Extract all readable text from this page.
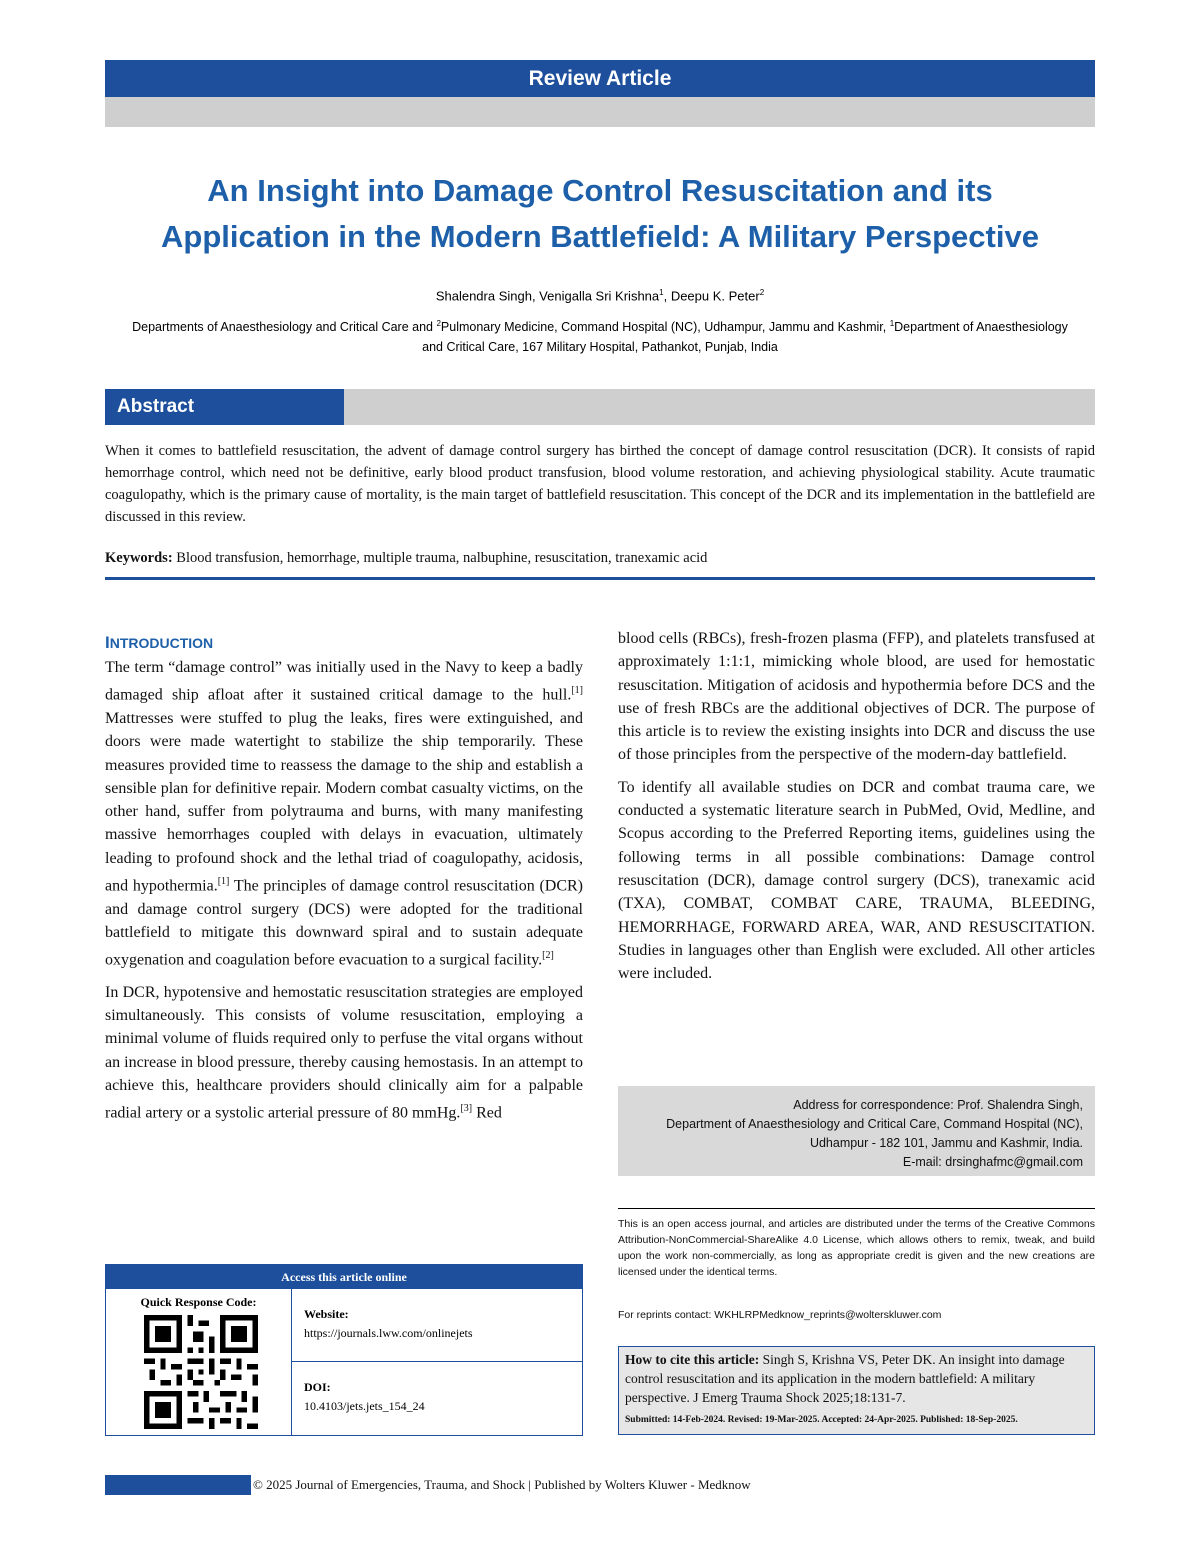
Review Article
An Insight into Damage Control Resuscitation and its
Application in the Modern Battlefield: A Military Perspective
Shalendra Singh, Venigalla Sri Krishna$^1$, Deepu K. Peter$^2$
Departments of Anaesthesiology and Critical Care and $^2$Pulmonary Medicine, Command Hospital (NC), Udhampur, Jammu and Kashmir, $^1$Department of Anaesthesiology and Critical Care, 167 Military Hospital, Pathankot, Punjab, India
Abstract
When it comes to battlefield resuscitation, the advent of damage control surgery has birthed the concept of damage control resuscitation (DCR). It consists of rapid hemorrhage control, which need not be definitive, early blood product transfusion, blood volume restoration, and achieving physiological stability. Acute traumatic coagulopathy, which is the primary cause of mortality, is the main target of battlefield resuscitation. This concept of the DCR and its implementation in the battlefield are discussed in this review.
Keywords: Blood transfusion, hemorrhage, multiple trauma, nalbuphine, resuscitation, tranexamic acid
INTRODUCTION

The term “damage control” was initially used in the Navy to keep a badly damaged ship afloat after it sustained critical damage to the hull.[1] Mattresses were stuffed to plug the leaks, fires were extinguished, and doors were made watertight to stabilize the ship temporarily. These measures provided time to reassess the damage to the ship and establish a sensible plan for definitive repair. Modern combat casualty victims, on the other hand, suffer from polytrauma and burns, with many manifesting massive hemorrhages coupled with delays in evacuation, ultimately leading to profound shock and the lethal triad of coagulopathy, acidosis, and hypothermia.[1] The principles of damage control resuscitation (DCR) and damage control surgery (DCS) were adopted for the traditional battlefield to mitigate this downward spiral and to sustain adequate oxygenation and coagulation before evacuation to a surgical facility.[2]

In DCR, hypotensive and hemostatic resuscitation strategies are employed simultaneously. This consists of volume resuscitation, employing a minimal volume of fluids required only to perfuse the vital organs without an increase in blood pressure, thereby causing hemostasis. In an attempt to achieve this, healthcare providers should clinically aim for a palpable radial artery or a systolic arterial pressure of 80 mmHg.[3] Red

blood cells (RBCs), fresh-frozen plasma (FFP), and platelets transfused at approximately 1:1:1, mimicking whole blood, are used for hemostatic resuscitation. Mitigation of acidosis and hypothermia before DCS and the use of fresh RBCs are the additional objectives of DCR. The purpose of this article is to review the existing insights into DCR and discuss the use of those principles from the perspective of the modern-day battlefield.

To identify all available studies on DCR and combat trauma care, we conducted a systematic literature search in PubMed, Ovid, Medline, and Scopus according to the Preferred Reporting items, guidelines using the following terms in all possible combinations: Damage control resuscitation (DCR), damage control surgery (DCS), tranexamic acid (TXA), COMBAT, COMBAT CARE, TRAUMA, BLEEDING, HEMORRHAGE, FORWARD AREA, WAR, AND RESUSCITATION. Studies in languages other than English were excluded. All other articles were included.

Access this article online
Quick Response Code:
Website:
https://journals.lww.com/onlinejets
DOI:
10.4103/jets.jets_154_24
Address for correspondence: Prof. Shalendra Singh,
Department of Anaesthesiology and Critical Care, Command Hospital (NC),
Udhampur - 182 101, Jammu and Kashmir, India.
E-mail: drsinghafmc@gmail.com
This is an open access journal, and articles are distributed under the terms of the Creative Commons Attribution-NonCommercial-ShareAlike 4.0 License, which allows others to remix, tweak, and build upon the work non-commercially, as long as appropriate credit is given and the new creations are licensed under the identical terms.
For reprints contact: WKHLRPMedknow_reprints@wolterskluwer.com
How to cite this article: Singh S, Krishna VS, Peter DK. An insight into damage control resuscitation and its application in the modern battlefield: A military perspective. J Emerg Trauma Shock 2025;18:131-7.
Submitted: 14-Feb-2024. Revised: 19-Mar-2025. Accepted: 24-Apr-2025. Published: 18-Sep-2025.
© 2025 Journal of Emergencies, Trauma, and Shock | Published by Wolters Kluwer - Medknow	131
